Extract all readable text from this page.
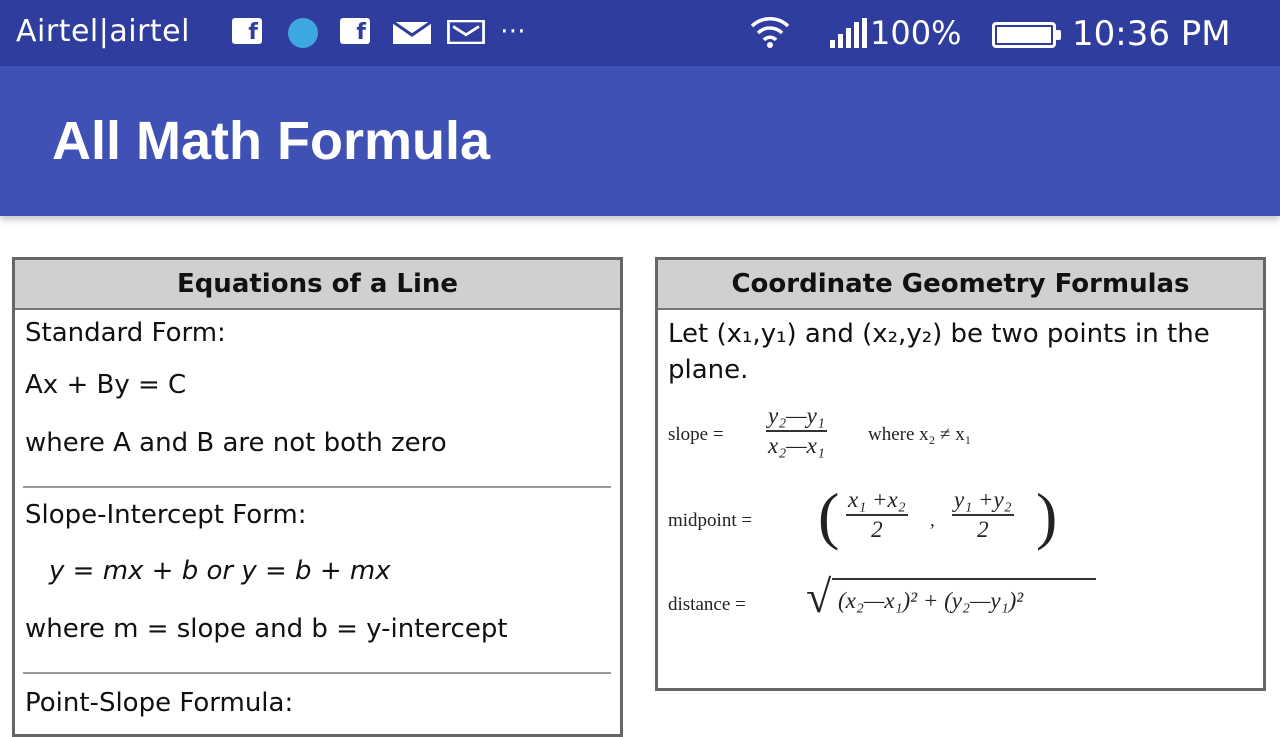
Airtel|airtel	f	f	⋯	100%	10:36 PM
All Math Formula
Equations of a Line
Standard Form:
Ax + By = C
where A and B are not both zero
Slope-Intercept Form:
y = mx + b or y = b + mx
where m = slope and b = y-intercept
Point-Slope Formula:
Coordinate Geometry Formulas
Let (x₁,y₁) and (x₂,y₂) be two points in the plane.
slope = $\frac{\text{y₂—y₁}}{\text{x₂—x₁}}$ where x₂ ≠ x₁
midpoint = ( $\frac{\text{x₁ +x₂}}{2}$ , $\frac{\text{y₁ +y₂}}{2}$ )
distance = √ (x₂—x₁)² + (y₂—y₁)²
